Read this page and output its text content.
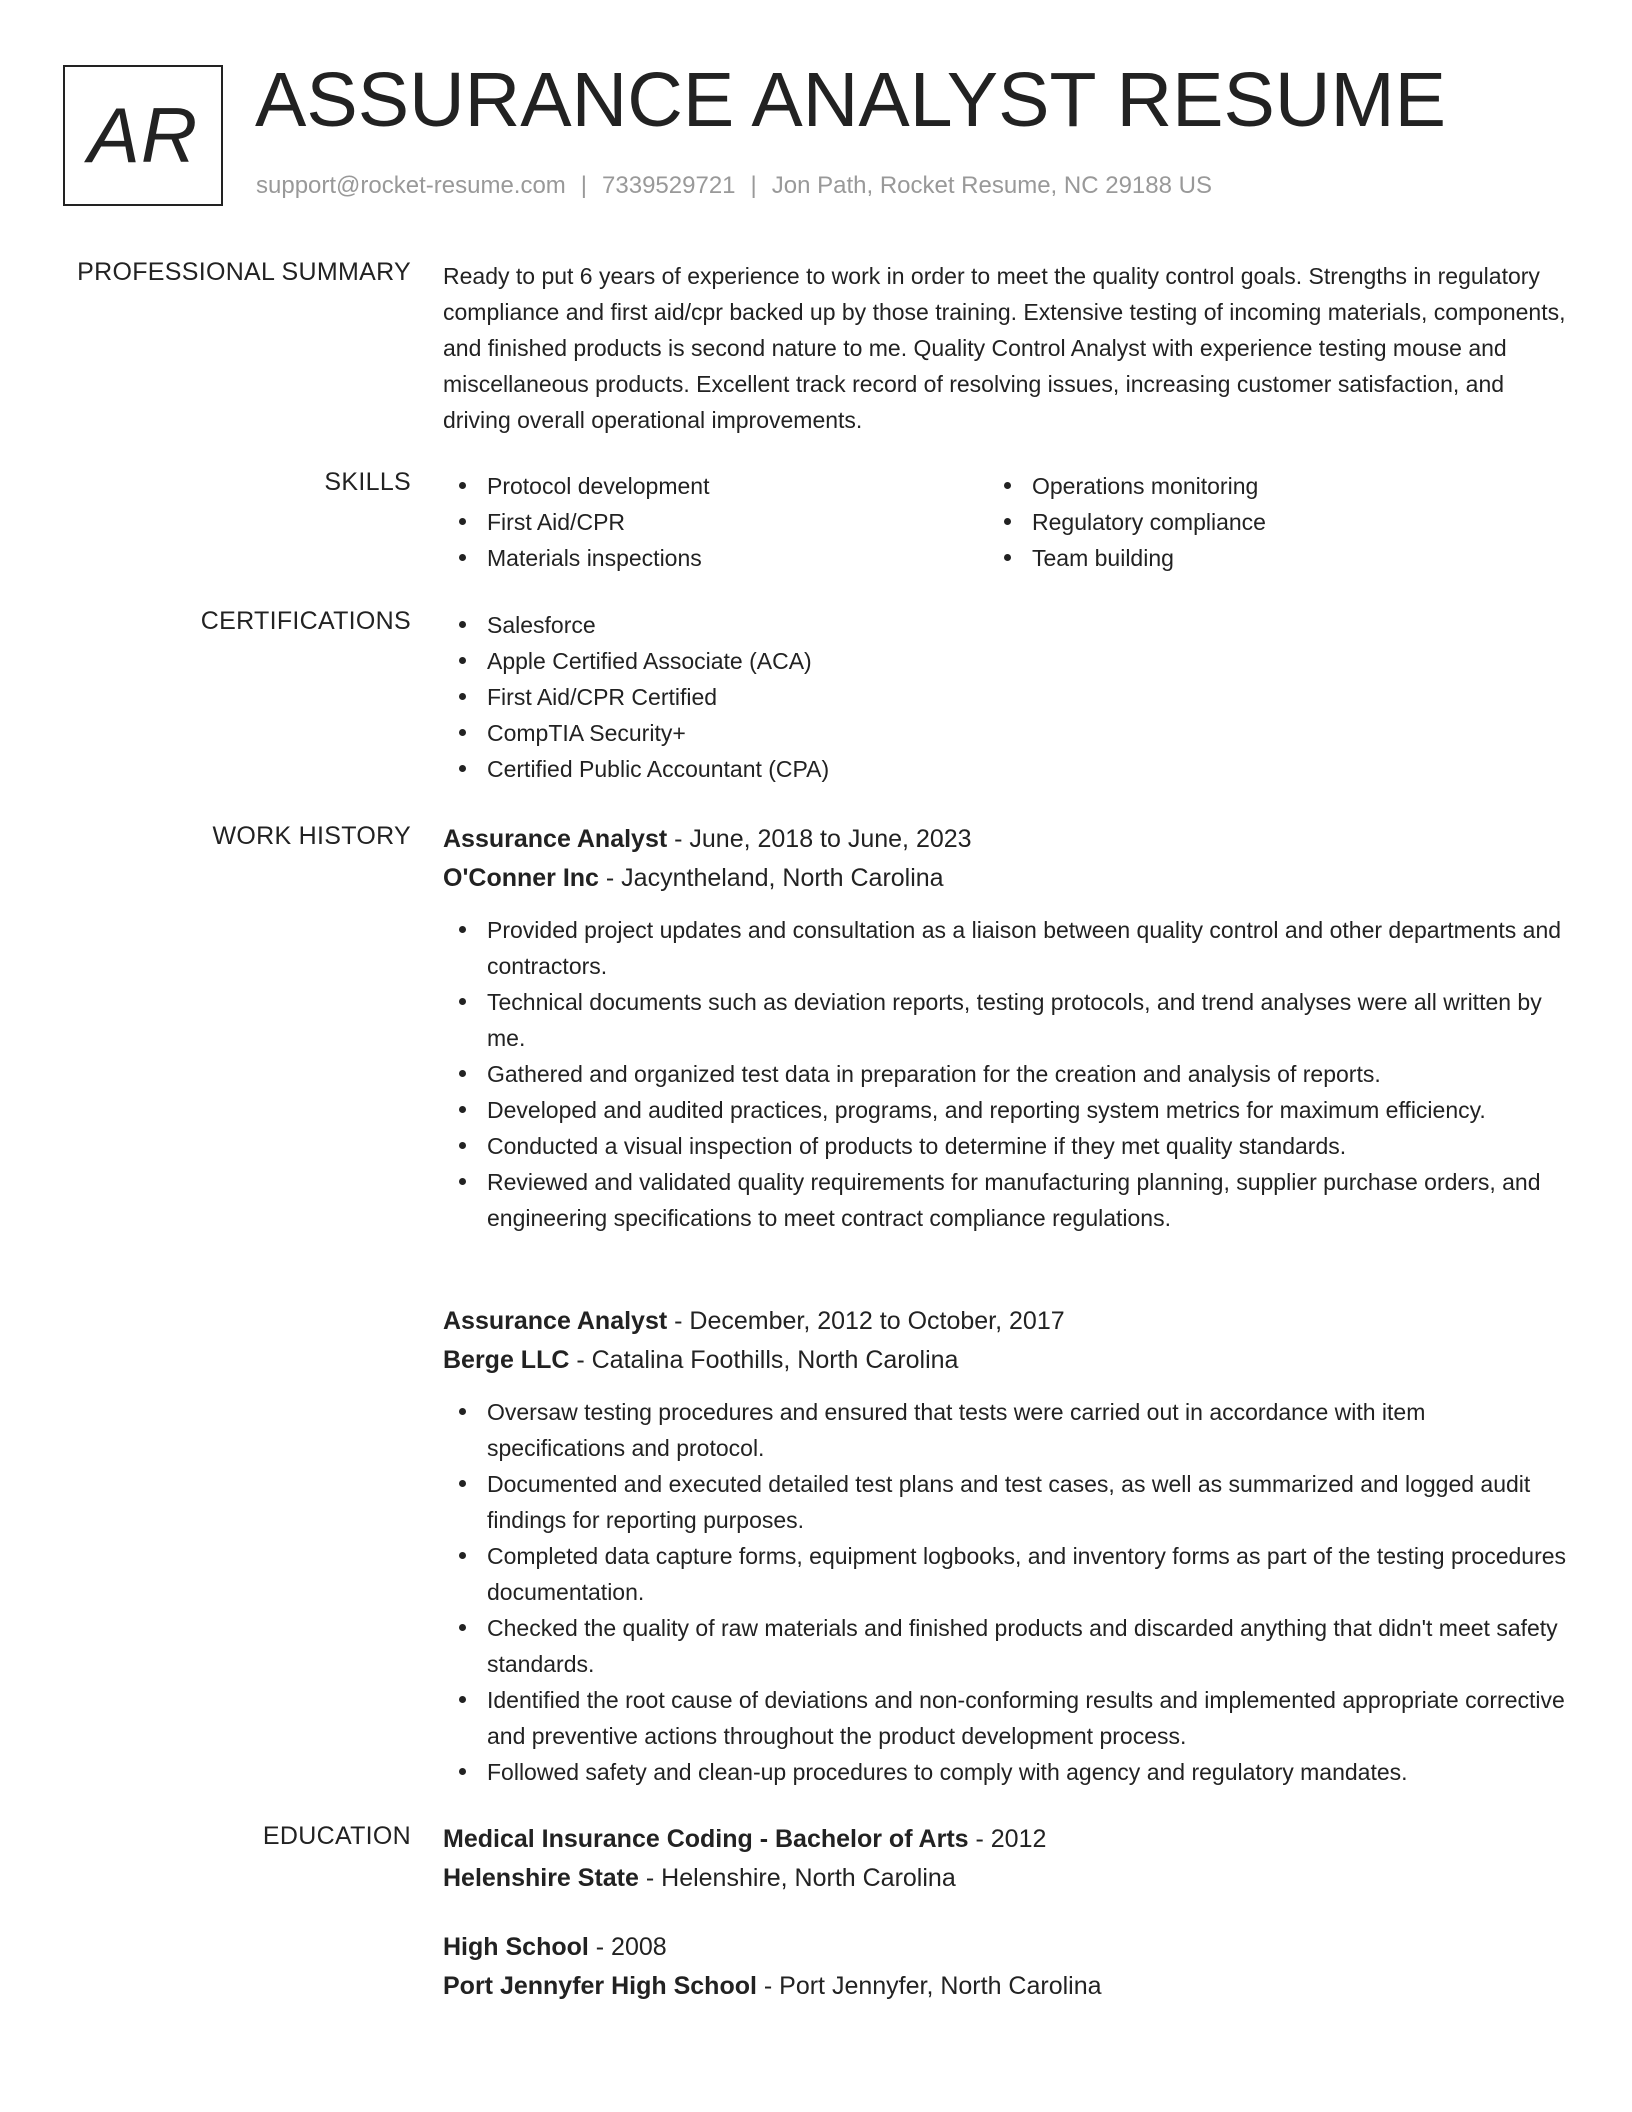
AR ASSURANCE ANALYST RESUME
support@rocket-resume.com | 7339529721 | Jon Path, Rocket Resume, NC 29188 US
PROFESSIONAL SUMMARY Ready to put 6 years of experience to work in order to meet the quality control goals. Strengths in regulatory compliance and first aid/cpr backed up by those training. Extensive testing of incoming materials, components, and finished products is second nature to me. Quality Control Analyst with experience testing mouse and miscellaneous products. Excellent track record of resolving issues, increasing customer satisfaction, and driving overall operational improvements.
SKILLS	Protocol development
First Aid/CPR
Materials inspections
Operations monitoring
Regulatory compliance
Team building
CERTIFICATIONS	Salesforce
Apple Certified Associate (ACA)
First Aid/CPR Certified
CompTIA Security+
Certified Public Accountant (CPA)
WORK HISTORY Assurance Analyst - June, 2018 to June, 2023
O'Conner Inc - Jacyntheland, North Carolina
Provided project updates and consultation as a liaison between quality control and other departments and contractors.
Technical documents such as deviation reports, testing protocols, and trend analyses were all written by me.
Gathered and organized test data in preparation for the creation and analysis of reports.
Developed and audited practices, programs, and reporting system metrics for maximum efficiency.
Conducted a visual inspection of products to determine if they met quality standards.
Reviewed and validated quality requirements for manufacturing planning, supplier purchase orders, and engineering specifications to meet contract compliance regulations.
Assurance Analyst - December, 2012 to October, 2017
Berge LLC - Catalina Foothills, North Carolina
Oversaw testing procedures and ensured that tests were carried out in accordance with item specifications and protocol.
Documented and executed detailed test plans and test cases, as well as summarized and logged audit findings for reporting purposes.
Completed data capture forms, equipment logbooks, and inventory forms as part of the testing procedures documentation.
Checked the quality of raw materials and finished products and discarded anything that didn't meet safety standards.
Identified the root cause of deviations and non-conforming results and implemented appropriate corrective and preventive actions throughout the product development process.
Followed safety and clean-up procedures to comply with agency and regulatory mandates.
EDUCATION Medical Insurance Coding - Bachelor of Arts - 2012
Helenshire State - Helenshire, North Carolina
High School - 2008
Port Jennyfer High School - Port Jennyfer, North Carolina
